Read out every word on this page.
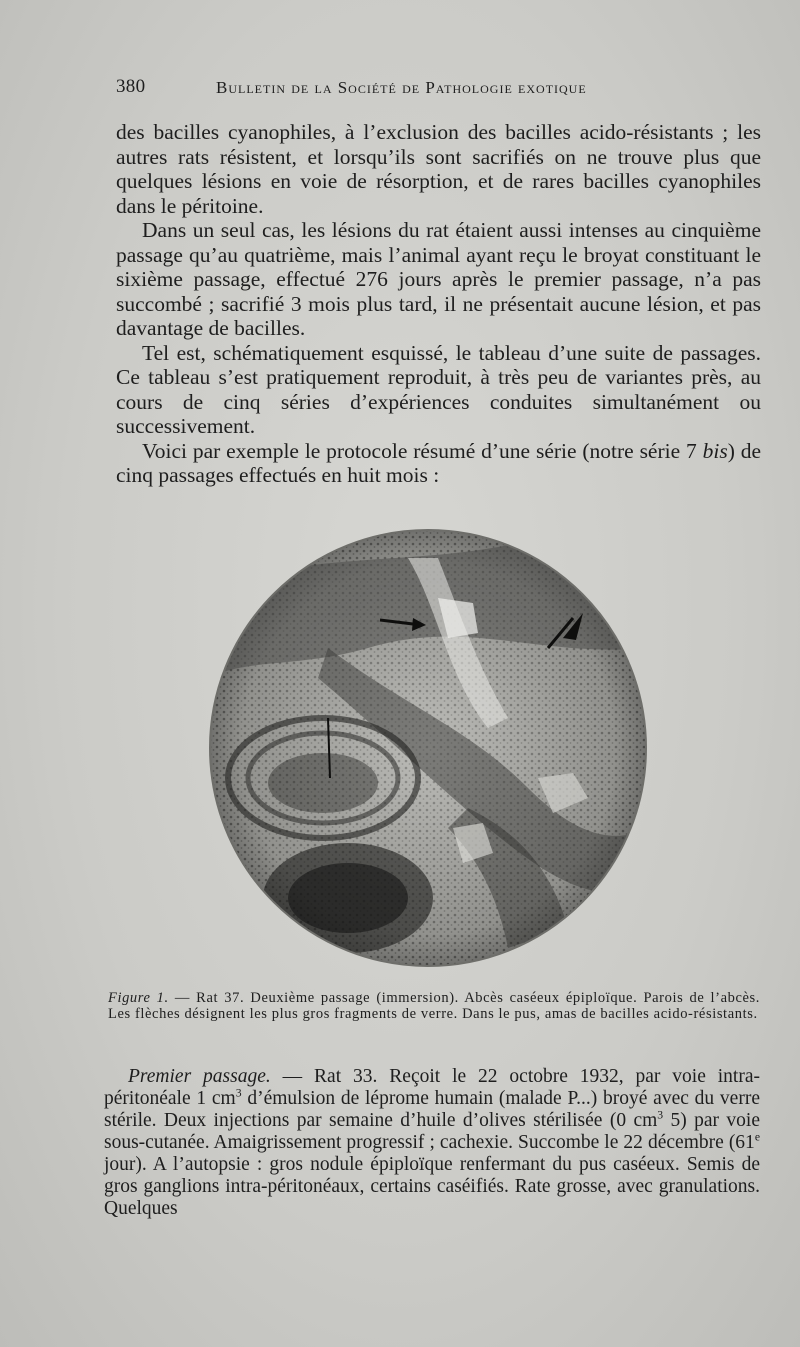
380	Bulletin de la Société de Pathologie exotique

des bacilles cyanophiles, à l’exclusion des bacilles acido-résistants ; les autres rats résistent, et lorsqu’ils sont sacrifiés on ne trouve plus que quelques lésions en voie de résorption, et de rares bacilles cyanophiles dans le péritoine.

Dans un seul cas, les lésions du rat étaient aussi intenses au cinquième passage qu’au quatrième, mais l’animal ayant reçu le broyat constituant le sixième passage, effectué 276 jours après le premier passage, n’a pas succombé ; sacrifié 3 mois plus tard, il ne présentait aucune lésion, et pas davantage de bacilles.

Tel est, schématiquement esquissé, le tableau d’une suite de passages. Ce tableau s’est pratiquement reproduit, à très peu de variantes près, au cours de cinq séries d’expériences conduites simultanément ou successivement.

Voici par exemple le protocole résumé d’une série (notre série 7 bis) de cinq passages effectués en huit mois :

Figure 1. — Rat 37. Deuxième passage (immersion). Abcès caséeux épiploïque. Parois de l’abcès. Les flèches désignent les plus gros fragments de verre. Dans le pus, amas de bacilles acido-résistants.

Premier passage. — Rat 33. Reçoit le 22 octobre 1932, par voie intra-péritonéale 1 $cm^3$ d’émulsion de léprome humain (malade P...) broyé avec du verre stérile. Deux injections par semaine d’huile d’olives stérilisée (0 $cm^3$ 5) par voie sous-cutanée. Amaigrissement progressif ; cachexie. Succombe le 22 décembre (61e jour). A l’autopsie : gros nodule épiploïque renfermant du pus caséeux. Semis de gros ganglions intra-péritonéaux, certains caséifiés. Rate grosse, avec granulations. Quelques
